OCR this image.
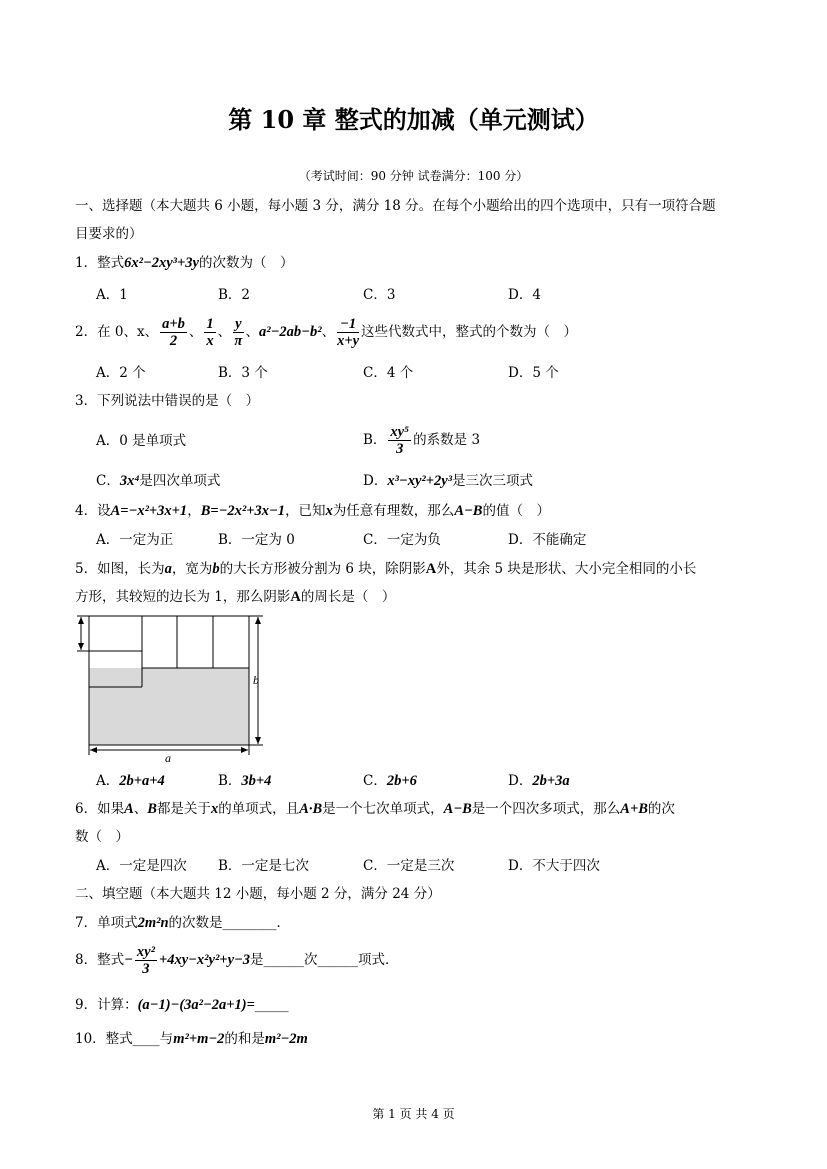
第 10 章 整式的加减（单元测试）
（考试时间：90 分钟 试卷满分：100 分）
一、选择题（本大题共 6 小题，每小题 3 分，满分 18 分。在每个小题给出的四个选项中，只有一项符合题
目要求的）
1．整式6x²−2xy³+3y的次数为（　）
A．1	B．2	C．3	D．4
2．在 0、x、 $\frac{a+b}{2}$ 、 $\frac{1}{x}$ 、 $\frac{y}{\pi}$ 、a²−2ab−b²、 $\frac{-1}{x+y}$ 这些代数式中，整式的个数为（　）
A．2 个	B．3 个	C．4 个	D．5 个
3．下列说法中错误的是（　）
A．0 是单项式	B． $\frac{\text{xy⁵}}{3}$ 的系数是 3
C．3x⁴是四次单项式	D．x³−xy²+2y³是三次三项式
4．设A=−x²+3x+1，B=−2x²+3x−1，已知x为任意有理数，那么A−B的值（　）
A．一定为正	B．一定为 0	C．一定为负	D．不能确定
5．如图，长为a，宽为b的大长方形被分割为 6 块，除阴影A外，其余 5 块是形状、大小完全相同的小长
方形，其较短的边长为 1，那么阴影A的周长是（　）
b
a
A．2b+a+4	B．3b+4	C．2b+6	D．2b+3a
6．如果A、B都是关于x的单项式，且A·B是一个七次单项式，A−B是一个四次多项式，那么A+B的次
数（　）
A．一定是四次 B．一定是七次	C．一定是三次	D．不大于四次
二、填空题（本大题共 12 小题，每小题 2 分，满分 24 分）
7．单项式2m²n的次数是________．
8．整式− $\frac{\text{xy²}}{3} +4xy-x^2y^2+y-3$是______次______项式．
9．计算：(a−1)−(3a²−2a+1)=_____
10．整式____与m²+m−2的和是m²−2m
第 1 页 共 4 页
